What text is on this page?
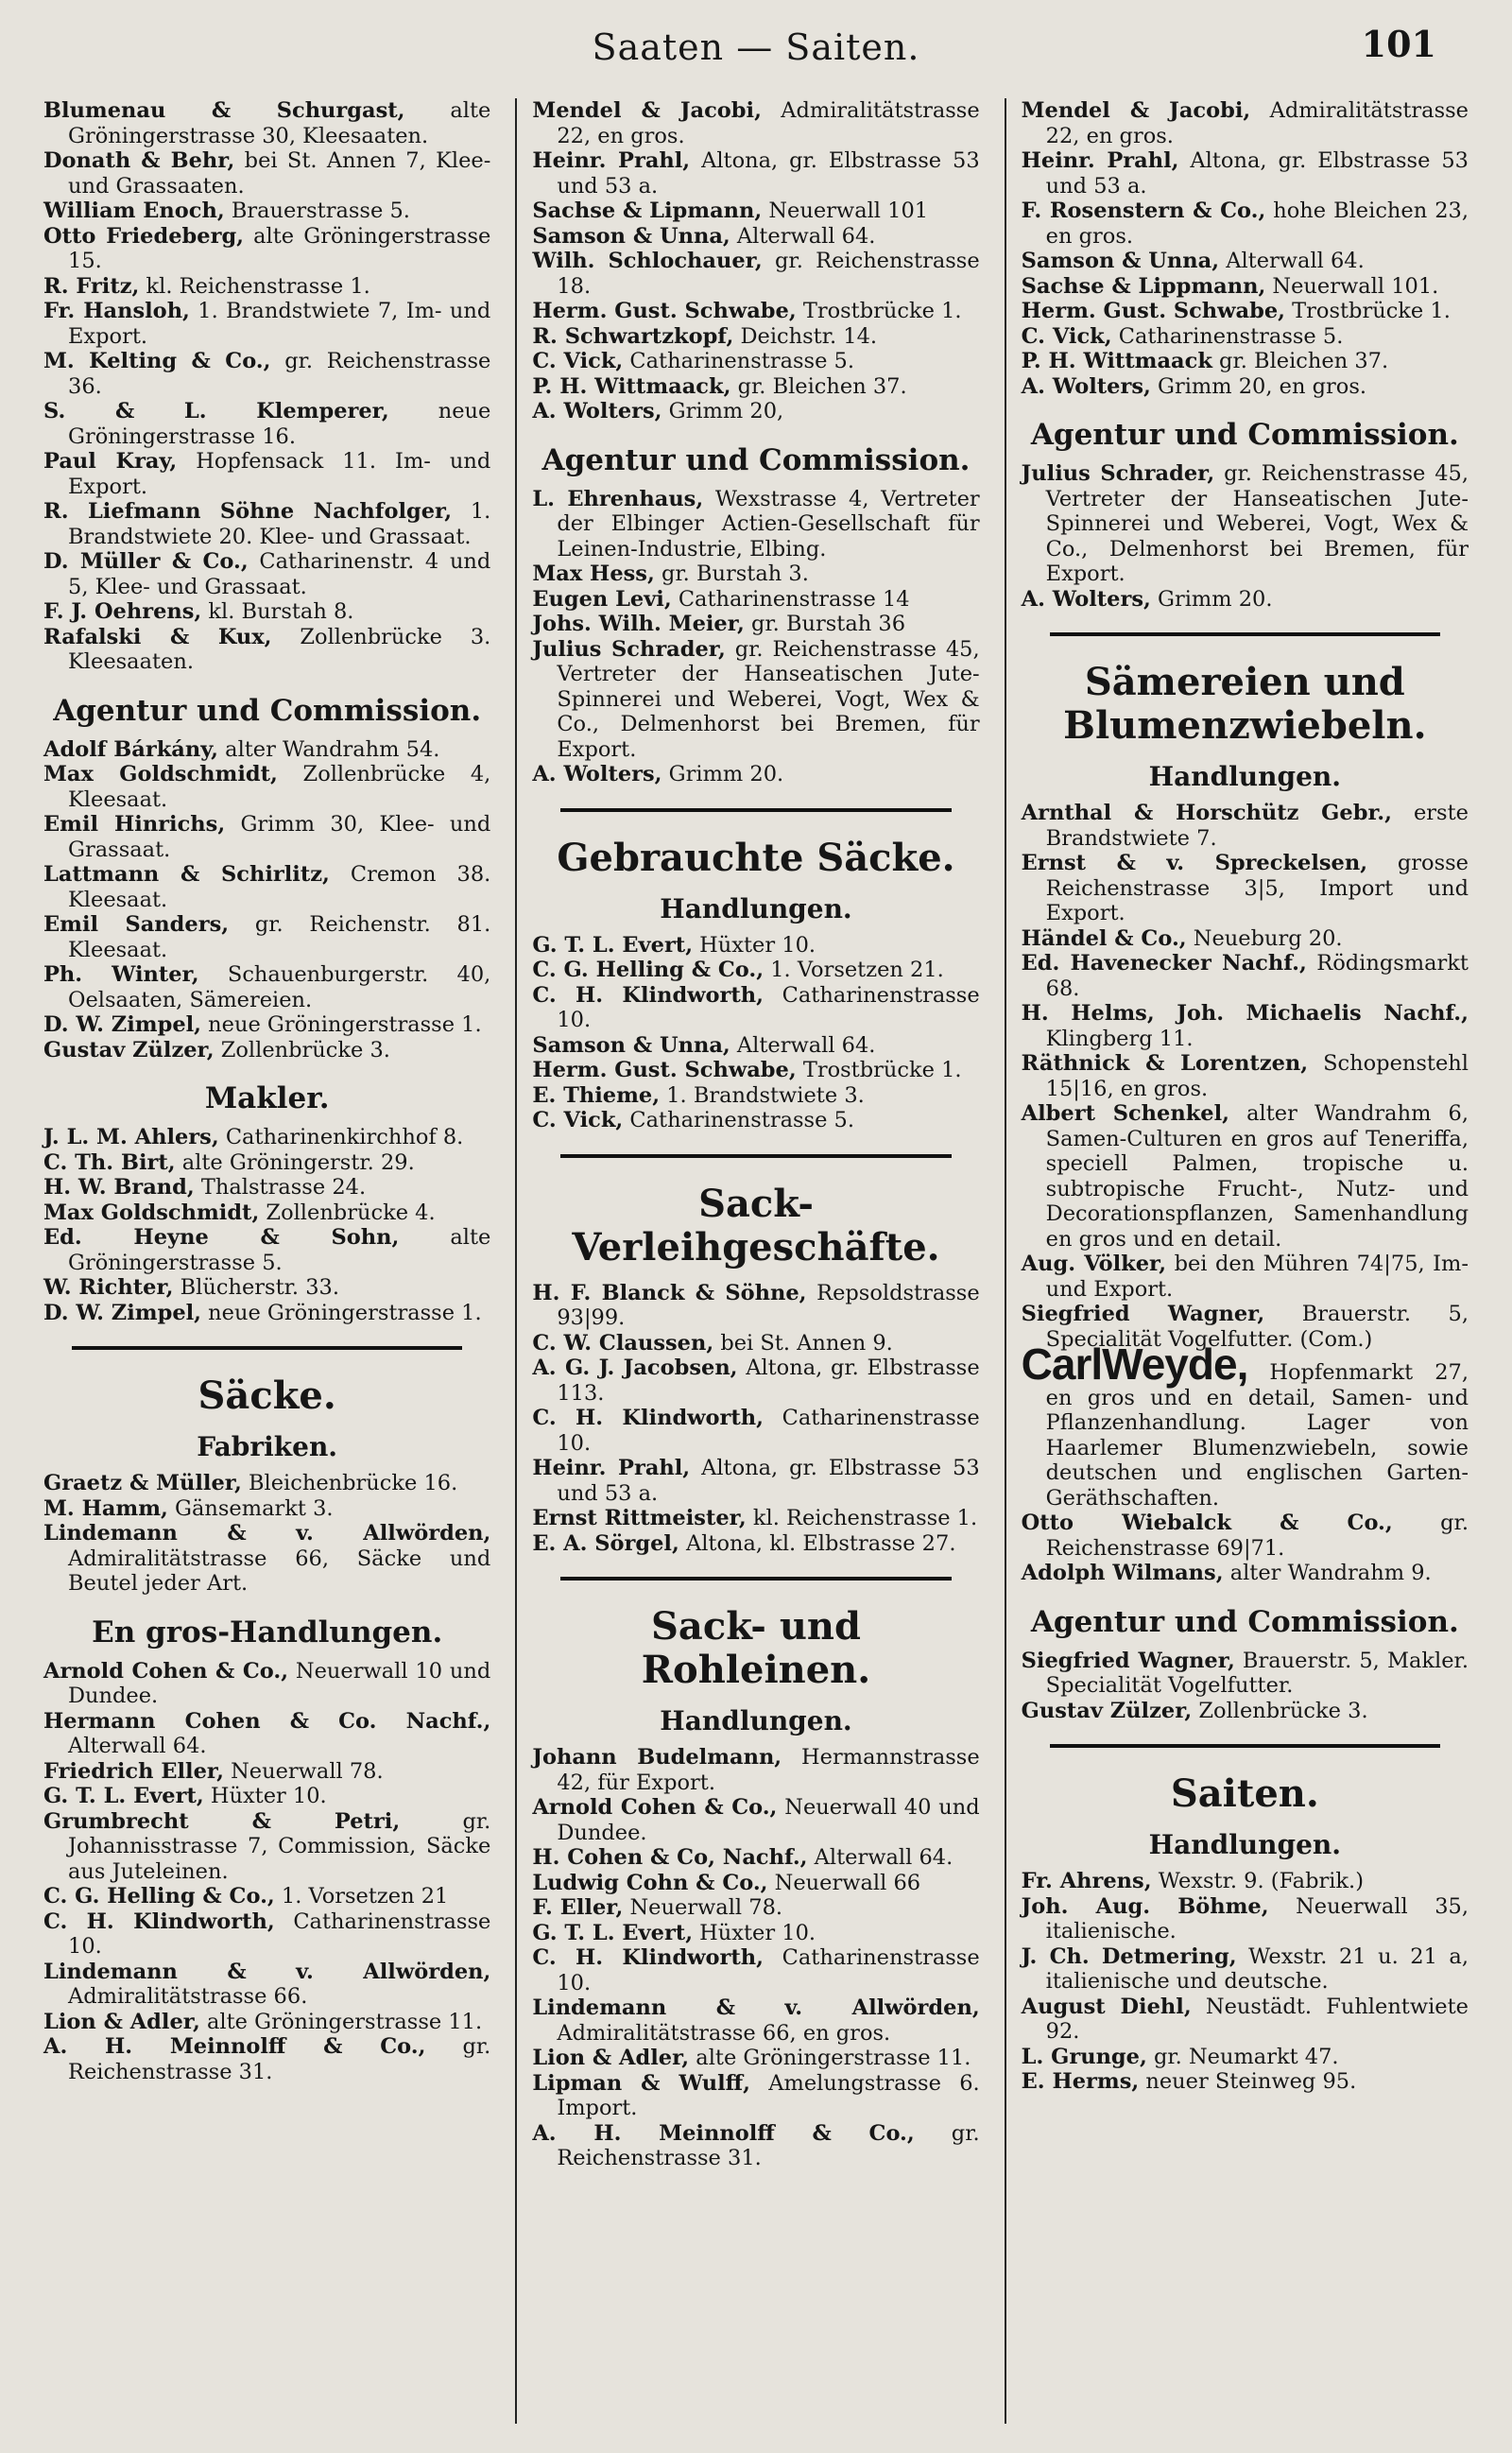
Saaten — Saiten.	101

Blumenau & Schurgast, alte Gröningerstrasse 30, Kleesaaten.

Donath & Behr, bei St. Annen 7, Klee- und Grassaaten.

William Enoch, Brauerstrasse 5.

Otto Friedeberg, alte Gröningerstrasse 15.

R. Fritz, kl. Reichenstrasse 1.

Fr. Hansloh, 1. Brandstwiete 7, Im- und Export.

M. Kelting & Co., gr. Reichenstrasse 36.

S. & L. Klemperer, neue Gröningerstrasse 16.

Paul Kray, Hopfensack 11. Im- und Export.

R. Liefmann Söhne Nachfolger, 1. Brandstwiete 20. Klee- und Grassaat.

D. Müller & Co., Catharinenstr. 4 und 5, Klee- und Grassaat.

F. J. Oehrens, kl. Burstah 8.

Rafalski & Kux, Zollenbrücke 3. Kleesaaten.

Agentur und Commission.

Adolf Bárkány, alter Wandrahm 54.

Max Goldschmidt, Zollenbrücke 4, Kleesaat.

Emil Hinrichs, Grimm 30, Klee- und Grassaat.

Lattmann & Schirlitz, Cremon 38. Kleesaat.

Emil Sanders, gr. Reichenstr. 81. Kleesaat.

Ph. Winter, Schauenburgerstr. 40, Oelsaaten, Sämereien.

D. W. Zimpel, neue Gröningerstrasse 1.

Gustav Zülzer, Zollenbrücke 3.

Makler.

J. L. M. Ahlers, Catharinenkirchhof 8.

C. Th. Birt, alte Gröningerstr. 29.

H. W. Brand, Thalstrasse 24.

Max Goldschmidt, Zollenbrücke 4.

Ed. Heyne & Sohn, alte Gröningerstrasse 5.

W. Richter, Blücherstr. 33.

D. W. Zimpel, neue Gröningerstrasse 1.

Säcke.
Fabriken.

Graetz & Müller, Bleichenbrücke 16.

M. Hamm, Gänsemarkt 3.

Lindemann & v. Allwörden, Admiralitätstrasse 66, Säcke und Beutel jeder Art.

En gros-Handlungen.

Arnold Cohen & Co., Neuerwall 10 und Dundee.

Hermann Cohen & Co. Nachf., Alterwall 64.

Friedrich Eller, Neuerwall 78.

G. T. L. Evert, Hüxter 10.

Grumbrecht & Petri, gr. Johannisstrasse 7, Commission, Säcke aus Juteleinen.

C. G. Helling & Co., 1. Vorsetzen 21

C. H. Klindworth, Catharinenstrasse 10.

Lindemann & v. Allwörden, Admiralitätstrasse 66.

Lion & Adler, alte Gröningerstrasse 11.

A. H. Meinnolff & Co., gr. Reichenstrasse 31.

Mendel & Jacobi, Admiralitätstrasse 22, en gros.

Heinr. Prahl, Altona, gr. Elbstrasse 53 und 53 a.

Sachse & Lipmann, Neuerwall 101

Samson & Unna, Alterwall 64.

Wilh. Schlochauer, gr. Reichenstrasse 18.

Herm. Gust. Schwabe, Trostbrücke 1.

R. Schwartzkopf, Deichstr. 14.

C. Vick, Catharinenstrasse 5.

P. H. Wittmaack, gr. Bleichen 37.

A. Wolters, Grimm 20,

Agentur und Commission.

L. Ehrenhaus, Wexstrasse 4, Vertreter der Elbinger Actien-Gesellschaft für Leinen-Industrie, Elbing.

Max Hess, gr. Burstah 3.

Eugen Levi, Catharinenstrasse 14

Johs. Wilh. Meier, gr. Burstah 36

Julius Schrader, gr. Reichenstrasse 45, Vertreter der Hanseatischen Jute-Spinnerei und Weberei, Vogt, Wex & Co., Delmenhorst bei Bremen, für Export.

A. Wolters, Grimm 20.

Gebrauchte Säcke.
Handlungen.

G. T. L. Evert, Hüxter 10.

C. G. Helling & Co., 1. Vorsetzen 21.

C. H. Klindworth, Catharinenstrasse 10.

Samson & Unna, Alterwall 64.

Herm. Gust. Schwabe, Trostbrücke 1.

E. Thieme, 1. Brandstwiete 3.

C. Vick, Catharinenstrasse 5.

Sack-Verleihgeschäfte.

H. F. Blanck & Söhne, Repsoldstrasse 93|99.

C. W. Claussen, bei St. Annen 9.

A. G. J. Jacobsen, Altona, gr. Elbstrasse 113.

C. H. Klindworth, Catharinenstrasse 10.

Heinr. Prahl, Altona, gr. Elbstrasse 53 und 53 a.

Ernst Rittmeister, kl. Reichenstrasse 1.

E. A. Sörgel, Altona, kl. Elbstrasse 27.

Sack- und Rohleinen.
Handlungen.

Johann Budelmann, Hermannstrasse 42, für Export.

Arnold Cohen & Co., Neuerwall 40 und Dundee.

H. Cohen & Co, Nachf., Alterwall 64.

Ludwig Cohn & Co., Neuerwall 66

F. Eller, Neuerwall 78.

G. T. L. Evert, Hüxter 10.

C. H. Klindworth, Catharinenstrasse 10.

Lindemann & v. Allwörden, Admiralitätstrasse 66, en gros.

Lion & Adler, alte Gröningerstrasse 11.

Lipman & Wulff, Amelungstrasse 6. Import.

A. H. Meinnolff & Co., gr. Reichenstrasse 31.

Mendel & Jacobi, Admiralitätstrasse 22, en gros.

Heinr. Prahl, Altona, gr. Elbstrasse 53 und 53 a.

F. Rosenstern & Co., hohe Bleichen 23, en gros.

Samson & Unna, Alterwall 64.

Sachse & Lippmann, Neuerwall 101.

Herm. Gust. Schwabe, Trostbrücke 1.

C. Vick, Catharinenstrasse 5.

P. H. Wittmaack gr. Bleichen 37.

A. Wolters, Grimm 20, en gros.

Agentur und Commission.

Julius Schrader, gr. Reichenstrasse 45, Vertreter der Hanseatischen Jute-Spinnerei und Weberei, Vogt, Wex & Co., Delmenhorst bei Bremen, für Export.

A. Wolters, Grimm 20.

Sämereien und Blumenzwiebeln.
Handlungen.

Arnthal & Horschütz Gebr., erste Brandstwiete 7.

Ernst & v. Spreckelsen, grosse Reichenstrasse 3|5, Import und Export.

Händel & Co., Neueburg 20.

Ed. Havenecker Nachf., Rödingsmarkt 68.

H. Helms, Joh. Michaelis Nachf., Klingberg 11.

Räthnick & Lorentzen, Schopenstehl 15|16, en gros.

Albert Schenkel, alter Wandrahm 6, Samen-Culturen en gros auf Teneriffa, speciell Palmen, tropische u. subtropische Frucht-, Nutz- und Decorationspflanzen, Samenhandlung en gros und en detail.

Aug. Völker, bei den Mühren 74|75, Im- und Export.

Siegfried Wagner, Brauerstr. 5, Specialität Vogelfutter. (Com.)

CarlWeyde, Hopfenmarkt 27, en gros und en detail, Samen- und Pflanzenhandlung. Lager von Haarlemer Blumenzwiebeln, sowie deutschen und englischen Garten-Geräthschaften.

Otto Wiebalck & Co., gr. Reichenstrasse 69|71.

Adolph Wilmans, alter Wandrahm 9.

Agentur und Commission.

Siegfried Wagner, Brauerstr. 5, Makler. Specialität Vogelfutter.

Gustav Zülzer, Zollenbrücke 3.

Saiten.
Handlungen.

Fr. Ahrens, Wexstr. 9. (Fabrik.)

Joh. Aug. Böhme, Neuerwall 35, italienische.

J. Ch. Detmering, Wexstr. 21 u. 21 a, italienische und deutsche.

August Diehl, Neustädt. Fuhlentwiete 92.

L. Grunge, gr. Neumarkt 47.

E. Herms, neuer Steinweg 95.
